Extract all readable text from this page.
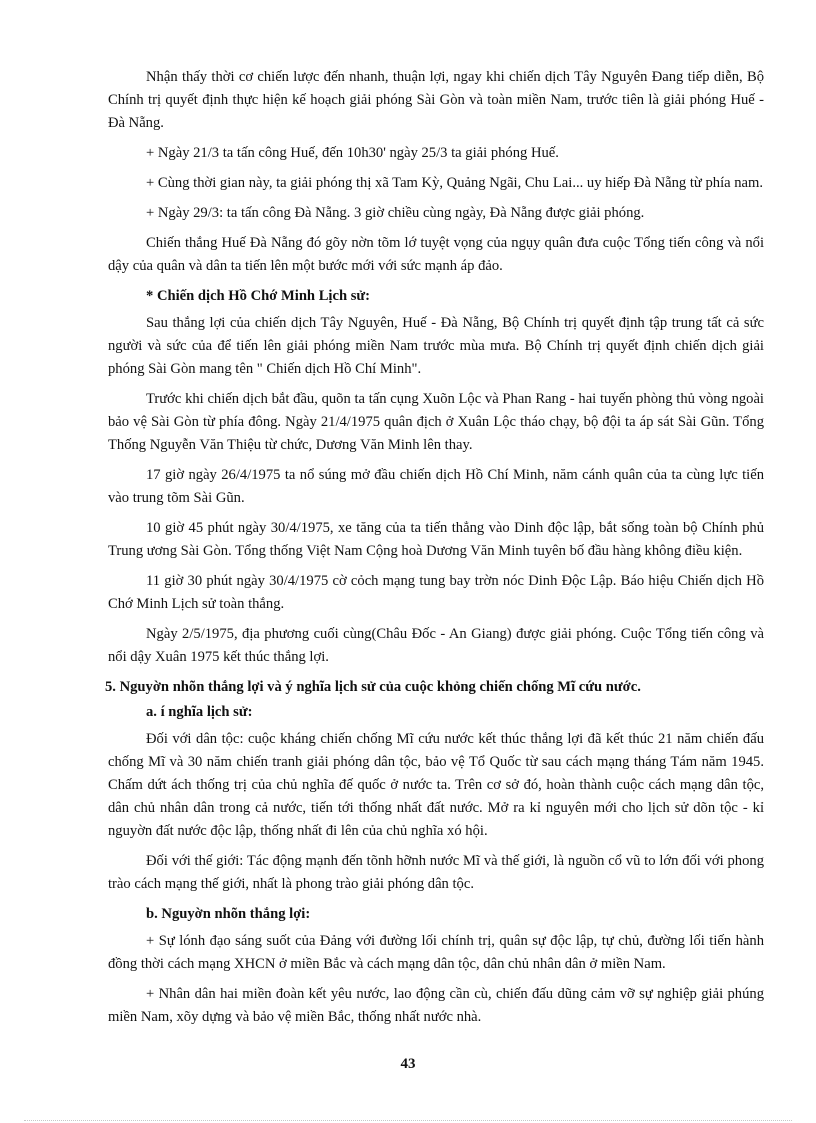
Nhận thấy thời cơ chiến lược đến nhanh, thuận lợi, ngay khi chiến dịch Tây Nguyên Đang tiếp diễn, Bộ Chính trị quyết định thực hiện kế hoạch giải phóng Sài Gòn và toàn miền Nam, trước tiên là giải phóng Huế - Đà Nẵng.

+ Ngày 21/3 ta tấn công Huế, đến 10h30' ngày 25/3 ta giải phóng Huế.

+ Cùng thời gian này, ta giải phóng thị xã Tam Kỳ, Quảng Ngãi, Chu Lai... uy hiếp Đà Nẵng từ phía nam.

+ Ngày 29/3: ta tấn công Đà Nẵng. 3 giờ chiều cùng ngày, Đà Nẵng được giải phóng.

Chiến thắng Huế Đà Nẵng đó gõy nờn tõm lớ tuyệt vọng của ngụy quân đưa cuộc Tổng tiến công và nổi dậy của quân và dân ta tiến lên một bước mới với sức mạnh áp đảo.

* Chiến dịch Hồ Chớ Minh Lịch sử:

Sau thắng lợi của chiến dịch Tây Nguyên, Huế - Đà Nẵng, Bộ Chính trị quyết định tập trung tất cả sức người và sức của để tiến lên giải phóng miền Nam trước mùa mưa. Bộ Chính trị quyết định chiến dịch giải phóng Sài Gòn mang tên " Chiến dịch Hồ Chí Minh".

Trước khi chiến dịch bắt đầu, quõn ta tấn cụng Xuõn Lộc và Phan Rang - hai tuyến phòng thủ vòng ngoài bảo vệ Sài Gòn từ phía đông. Ngày 21/4/1975 quân địch ở Xuân Lộc tháo chạy, bộ đội ta áp sát Sài Gũn. Tổng Thống Nguyễn Văn Thiệu từ chức, Dương Văn Minh lên thay.

17 giờ ngày 26/4/1975 ta nổ súng mở đầu chiến dịch Hồ Chí Minh, năm cánh quân của ta cùng lực tiến vào trung tõm Sài Gũn.

10 giờ 45 phút ngày 30/4/1975, xe tăng của ta tiến thẳng vào Dinh độc lập, bắt sống toàn bộ Chính phủ Trung ương Sài Gòn. Tổng thống Việt Nam Cộng hoà Dương Văn Minh tuyên bố đầu hàng không điều kiện.

11 giờ 30 phút ngày 30/4/1975 cờ cỏch mạng tung bay trờn nóc Dinh Độc Lập. Báo hiệu Chiến dịch Hồ Chớ Minh Lịch sử toàn thắng.

Ngày 2/5/1975, địa phương cuối cùng(Châu Đốc - An Giang) được giải phóng. Cuộc Tổng tiến công và nổi dậy Xuân 1975 kết thúc thắng lợi.

5. Nguyờn nhõn thắng lợi và ý nghĩa lịch sử của cuộc khỏng chiến chống Mĩ cứu nước.

a. í nghĩa lịch sử:

Đối với dân tộc: cuộc kháng chiến chống Mĩ cứu nước kết thúc thắng lợi đã kết thúc 21 năm chiến đấu chống Mĩ và 30 năm chiến tranh giải phóng dân tộc, bảo vệ Tổ Quốc từ sau cách mạng tháng Tám năm 1945. Chấm dứt ách thống trị của chủ nghĩa đế quốc ở nước ta. Trên cơ sở đó, hoàn thành cuộc cách mạng dân tộc, dân chủ nhân dân trong cả nước, tiến tới thống nhất đất nước. Mở ra kỉ nguyên mới cho lịch sử dõn tộc - kỉ nguyờn đất nước độc lập, thống nhất đi lên của chủ nghĩa xó hội.

Đối với thế giới: Tác động mạnh đến tõnh hỡnh nước Mĩ và thế giới, là nguồn cổ vũ to lớn đối với phong trào cách mạng thế giới, nhất là phong trào giải phóng dân tộc.

b. Nguyờn nhõn thắng lợi:

+ Sự lónh đạo sáng suốt của Đảng với đường lối chính trị, quân sự độc lập, tự chủ, đường lối tiến hành đồng thời cách mạng XHCN ở miền Bắc và cách mạng dân tộc, dân chủ nhân dân ở miền Nam.

+ Nhân dân hai miền đoàn kết yêu nước, lao động cần cù, chiến đấu dũng cảm vỡ sự nghiệp giải phúng miền Nam, xõy dựng và bảo vệ miền Bắc, thống nhất nước nhà.

43
